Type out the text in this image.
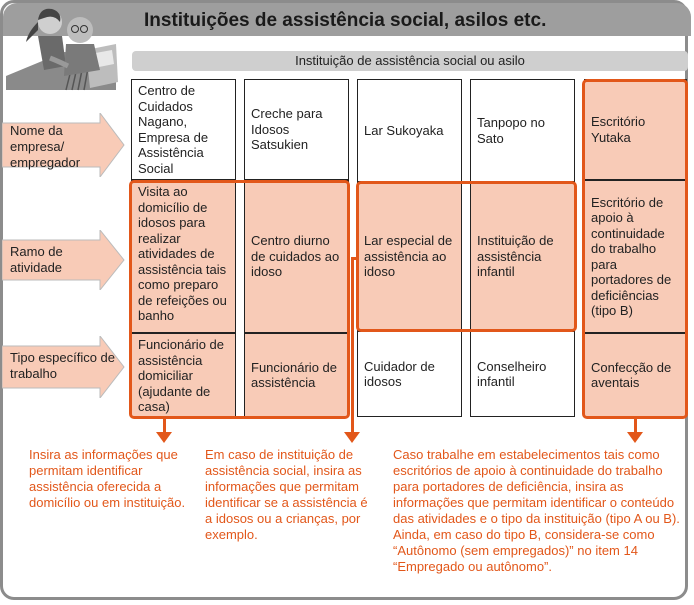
Instituições de assistência social, asilos etc.
Instituição de assistência social ou asilo
Nome da empresa/ empregador
Ramo de atividade
Tipo específico de trabalho
Centro de Cuidados Nagano, Empresa de Assistência Social
Visita ao domicílio de idosos para realizar atividades de assistência tais como preparo de refeições ou banho
Funcionário de assistência domiciliar (ajudante de casa)
Creche para Idosos Satsukien
Centro diurno de cuidados ao idoso
Funcionário de assistência
Lar Sukoyaka
Lar especial de assistência ao idoso
Cuidador de idosos
Tanpopo no Sato
Instituição de assistência infantil
Conselheiro infantil
Escritório Yutaka
Escritório de apoio à continuidade do trabalho para portadores de deficiências (tipo B)
Confecção de aventais
Insira as informações que permitam identificar assistência oferecida a domicílio ou em instituição.
Em caso de instituição de assistência social, insira as informações que permitam identificar se a assistência é a idosos ou a crianças, por exemplo.
Caso trabalhe em estabelecimentos tais como escritórios de apoio à continuidade do trabalho para portadores de deficiência, insira as informações que permitam identificar o conteúdo das atividades e o tipo da instituição (tipo A ou B). Ainda, em caso do tipo B, considera-se como “Autônomo (sem empregados)” no item 14 “Empregado ou autônomo”.
